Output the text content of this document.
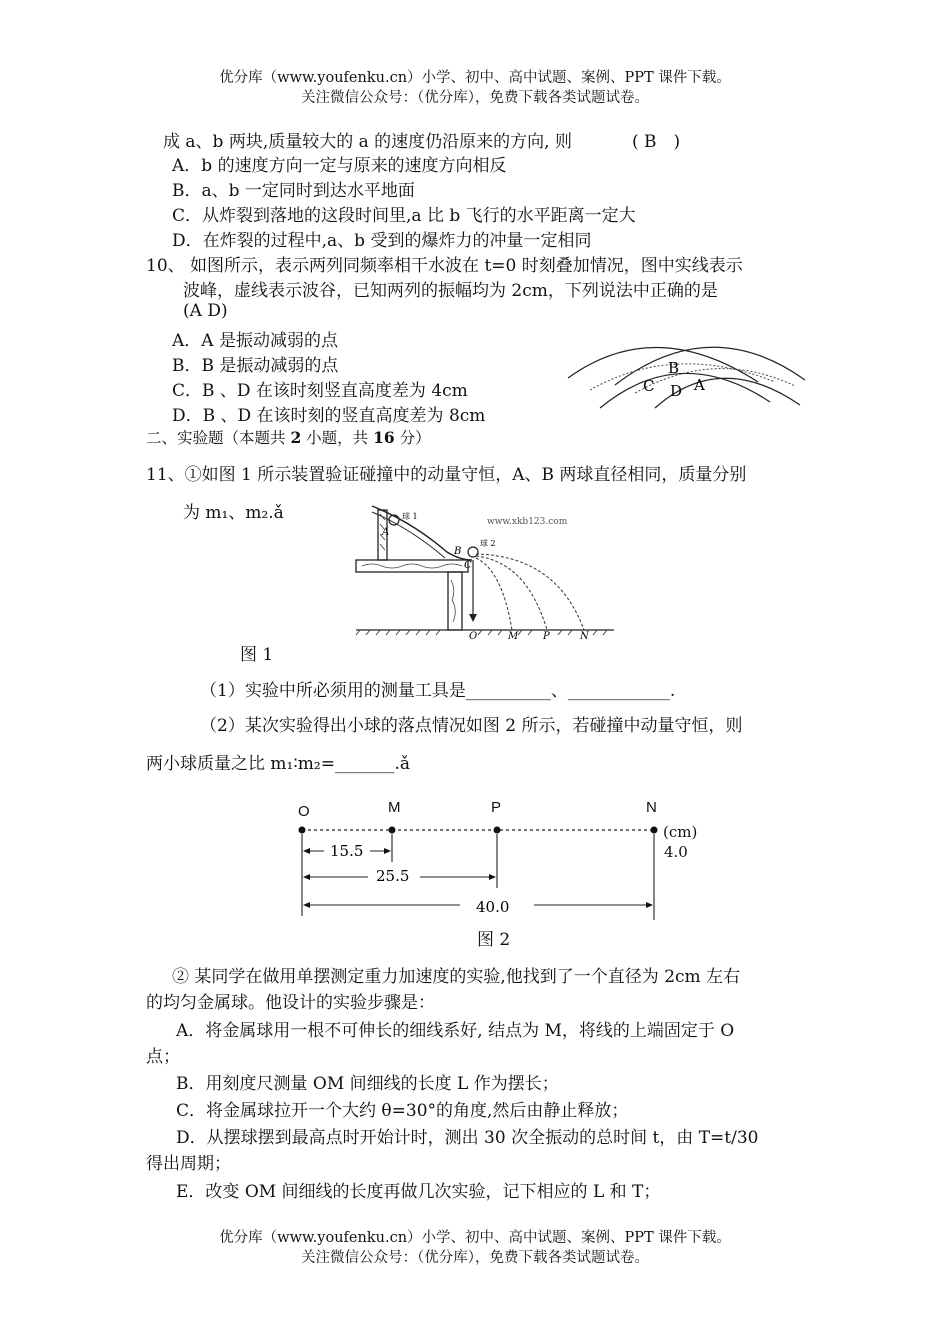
优分库（www.youfenku.cn）小学、初中、高中试题、案例、PPT 课件下载。
关注微信公众号：（优分库），免费下载各类试题试卷。
成 a、b 两块,质量较大的 a 的速度仍沿原来的方向, 则	( B　)
A．b 的速度方向一定与原来的速度方向相反
B．a、b 一定同时到达水平地面
C．从炸裂到落地的这段时间里,a 比 b 飞行的水平距离一定大
D．在炸裂的过程中,a、b 受到的爆炸力的冲量一定相同
10、 如图所示，表示两列同频率相干水波在 t=0 时刻叠加情况，图中实线表示
波峰，虚线表示波谷，已知两列的振幅均为 2cm，下列说法中正确的是
(A D)
A．A 是振动减弱的点
B．B 是振动减弱的点
C．B 、D 在该时刻竖直高度差为 4cm
D．B 、D 在该时刻的竖直高度差为 8cm
B
C D A
二、实验题（本题共 2 小题，共 16 分）
11、①如图 1 所示装置验证碰撞中的动量守恒，A、B 两球直径相同，质量分别
为 m₁、m₂.ǎ	www.xkb123.com
球 1
A
B
球 2
C
O	M P	N
图 1
（1）实验中所必须用的测量工具是__________、____________.
（2）某次实验得出小球的落点情况如图 2 所示，若碰撞中动量守恒，则
两小球质量之比 m₁∶m₂=_______.ǎ
O	M	P	N
15.5
25.5
40.0
(cm)
4.0
图 2
② 某同学在做用单摆测定重力加速度的实验,他找到了一个直径为 2cm 左右
的均匀金属球。他设计的实验步骤是：
A．将金属球用一根不可伸长的细线系好, 结点为 M，将线的上端固定于 O
点；
B．用刻度尺测量 OM 间细线的长度 L 作为摆长；
C．将金属球拉开一个大约 θ=30°的角度,然后由静止释放；
D．从摆球摆到最高点时开始计时，测出 30 次全振动的总时间 t，由 T=t/30
得出周期；
E．改变 OM 间细线的长度再做几次实验，记下相应的 L 和 T；
优分库（www.youfenku.cn）小学、初中、高中试题、案例、PPT 课件下载。
关注微信公众号：（优分库），免费下载各类试题试卷。
